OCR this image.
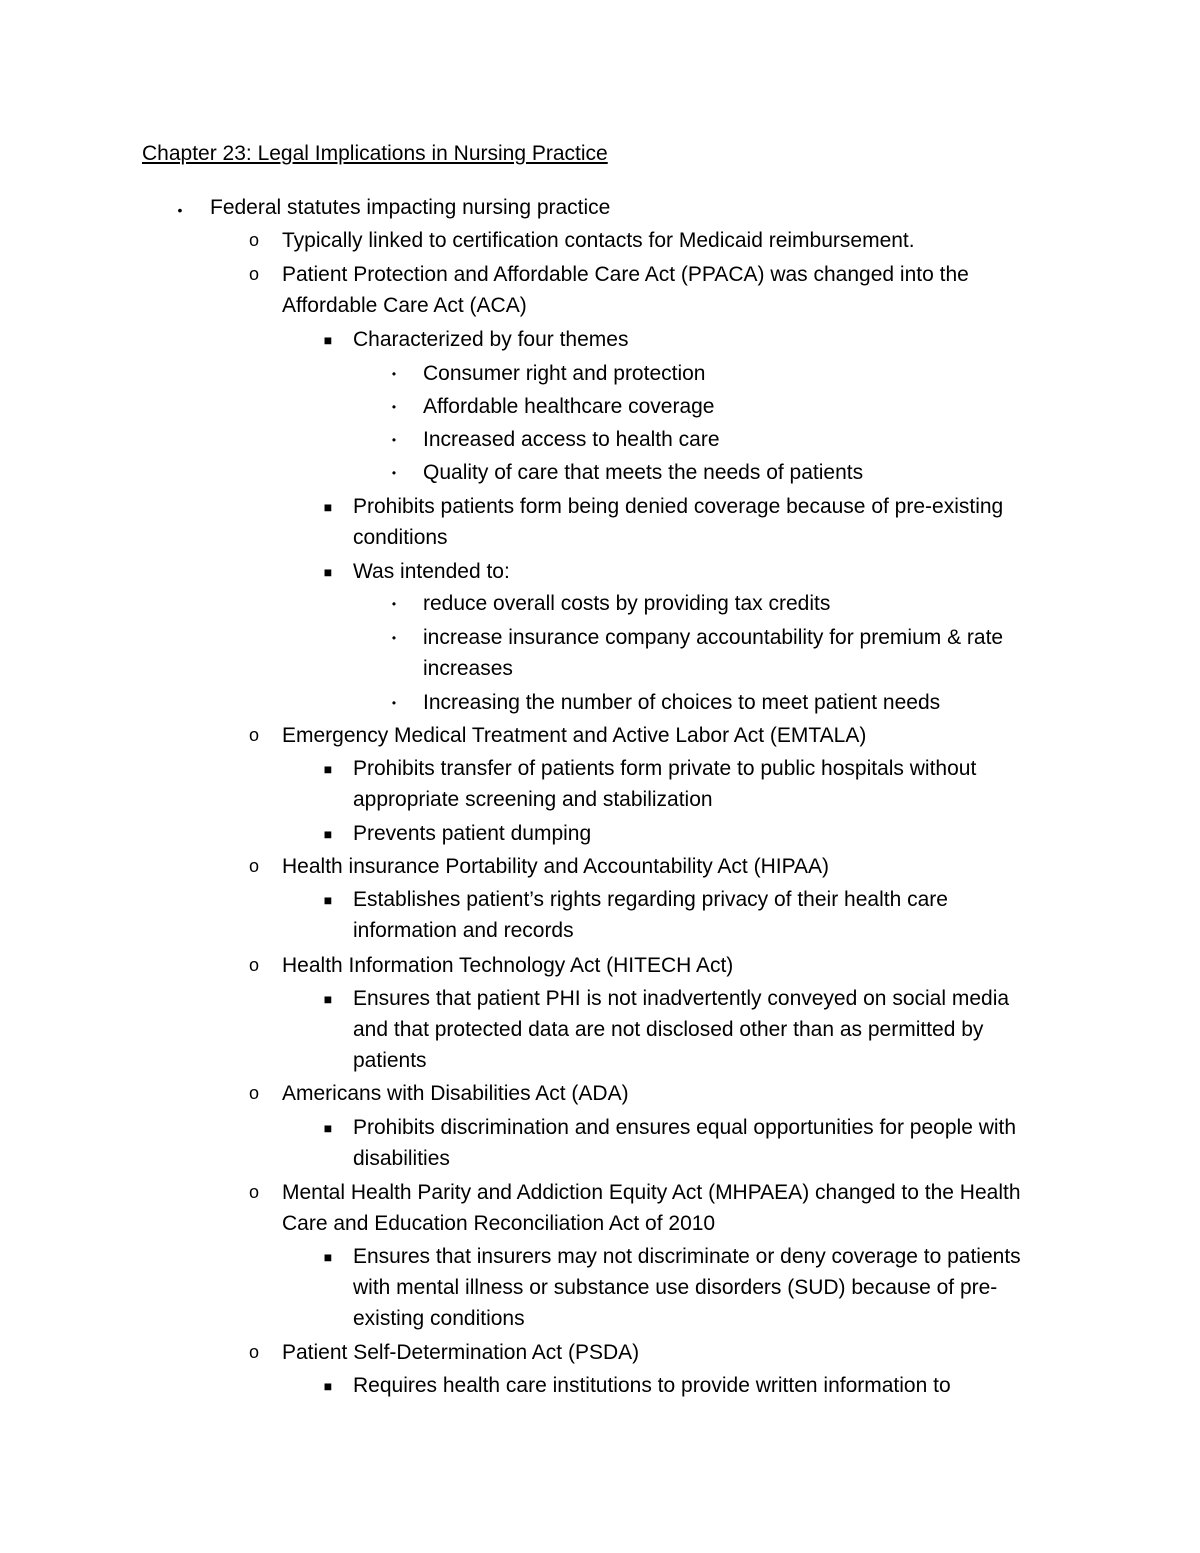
Chapter 23: Legal Implications in Nursing Practice
•	Federal statutes impacting nursing practice
o Typically linked to certification contacts for Medicaid reimbursement.
o Patient Protection and Affordable Care Act (PPACA) was changed into the
Affordable Care Act (ACA)
■ Characterized by four themes
•	Consumer right and protection
•	Affordable healthcare coverage
•	Increased access to health care
•	Quality of care that meets the needs of patients
■ Prohibits patients form being denied coverage because of pre-existing
conditions
■ Was intended to:
•	reduce overall costs by providing tax credits
•	increase insurance company accountability for premium & rate
increases
•	Increasing the number of choices to meet patient needs
o Emergency Medical Treatment and Active Labor Act (EMTALA)
■ Prohibits transfer of patients form private to public hospitals without
appropriate screening and stabilization
■ Prevents patient dumping
o Health insurance Portability and Accountability Act (HIPAA)
■ Establishes patient’s rights regarding privacy of their health care
information and records
o Health Information Technology Act (HITECH Act)
■ Ensures that patient PHI is not inadvertently conveyed on social media
and that protected data are not disclosed other than as permitted by
patients
o Americans with Disabilities Act (ADA)
■ Prohibits discrimination and ensures equal opportunities for people with
disabilities
o Mental Health Parity and Addiction Equity Act (MHPAEA) changed to the Health
Care and Education Reconciliation Act of 2010
■ Ensures that insurers may not discriminate or deny coverage to patients
with mental illness or substance use disorders (SUD) because of pre-
existing conditions
o Patient Self-Determination Act (PSDA)
■ Requires health care institutions to provide written information to
